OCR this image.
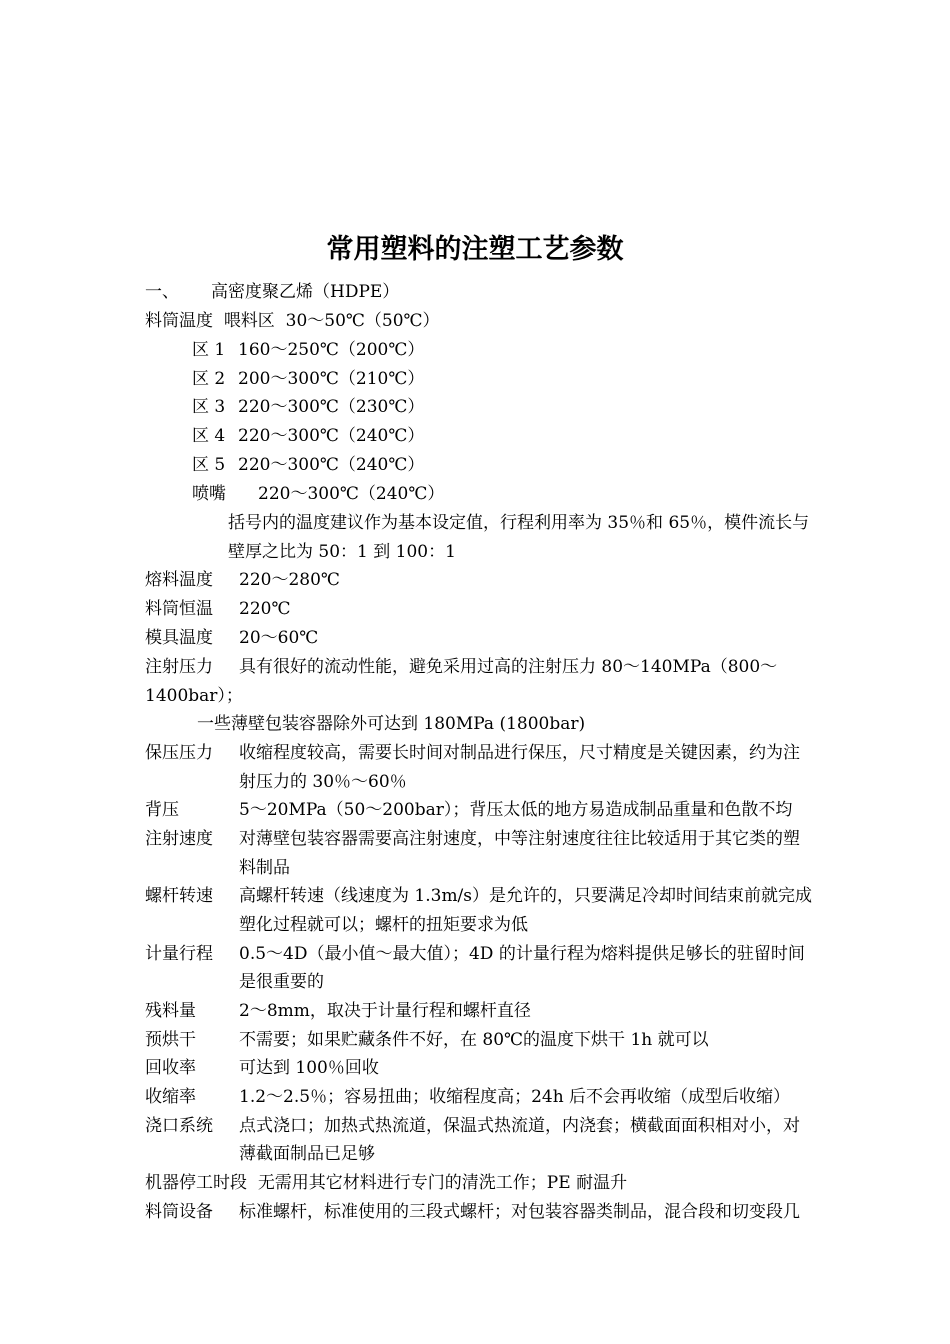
常用塑料的注塑工艺参数
一、 高密度聚乙烯（HDPE）
料筒温度 喂料区 30～50℃（50℃）
区 1 160～250℃（200℃）
区 2 200～300℃（210℃）
区 3 220～300℃（230℃）
区 4 220～300℃（240℃）
区 5 220～300℃（240℃）
喷嘴 220～300℃（240℃）
括号内的温度建议作为基本设定值，行程利用率为 35％和 65％，模件流长与
壁厚之比为 50：1 到 100：1
熔料温度 220～280℃
料筒恒温 220℃
模具温度 20～60℃
注射压力 具有很好的流动性能，避免采用过高的注射压力 80～140MPa（800～
1400bar）；
一些薄壁包装容器除外可达到 180MPa (1800bar)
保压压力 收缩程度较高，需要长时间对制品进行保压，尺寸精度是关键因素，约为注
射压力的 30％～60％
背压	5～20MPa（50～200bar）；背压太低的地方易造成制品重量和色散不均
注射速度 对薄壁包装容器需要高注射速度，中等注射速度往往比较适用于其它类的塑
料制品
螺杆转速 高螺杆转速（线速度为 1.3m/s）是允许的，只要满足冷却时间结束前就完成
塑化过程就可以；螺杆的扭矩要求为低
计量行程 0.5～4D（最小值～最大值）；4D 的计量行程为熔料提供足够长的驻留时间
是很重要的
残料量	2～8mm，取决于计量行程和螺杆直径
预烘干	不需要；如果贮藏条件不好，在 80℃的温度下烘干 1h 就可以
回收率	可达到 100％回收
收缩率	1.2～2.5％；容易扭曲；收缩程度高；24h 后不会再收缩（成型后收缩）
浇口系统 点式浇口；加热式热流道，保温式热流道，内浇套；横截面面积相对小，对
薄截面制品已足够
机器停工时段 无需用其它材料进行专门的清洗工作；PE 耐温升
料筒设备 标准螺杆，标准使用的三段式螺杆；对包装容器类制品，混合段和切变段几
